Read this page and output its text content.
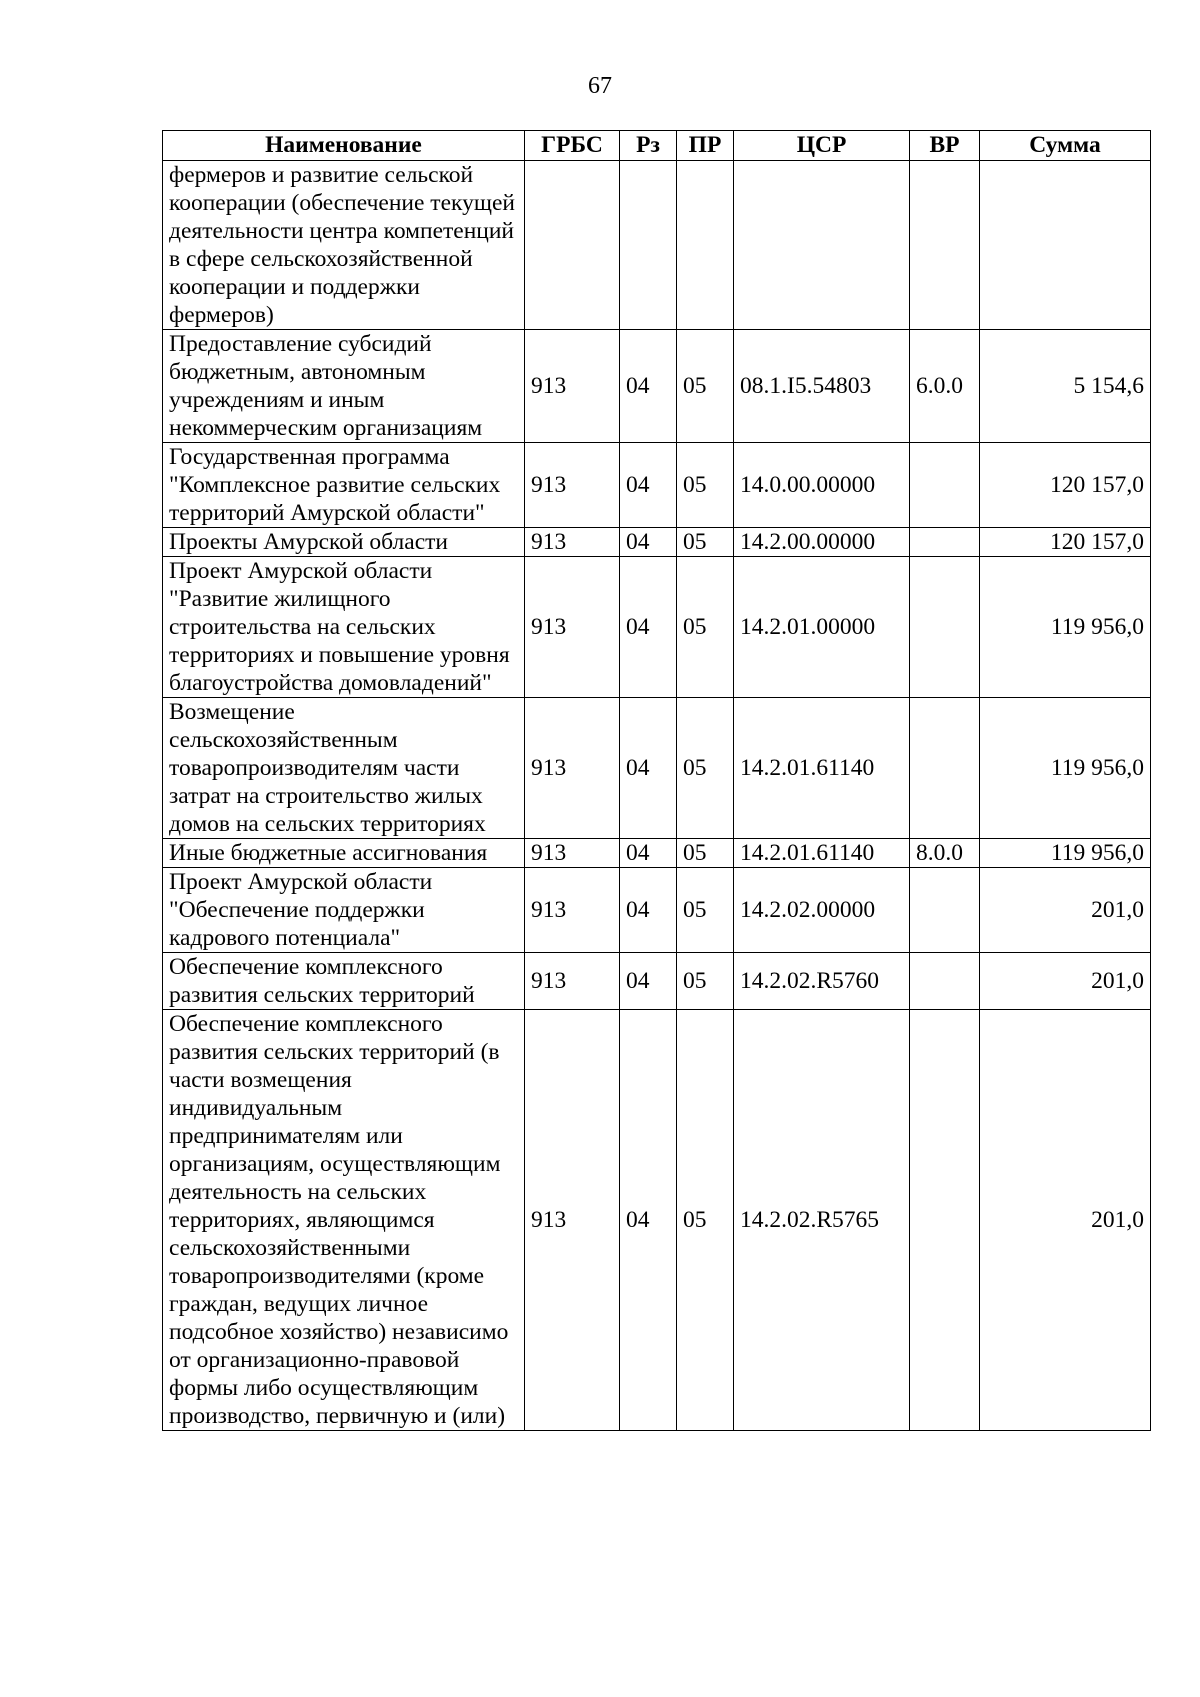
67
Наименование	ГРБС	Рз	ПР	ЦСР	ВР	Сумма
фермеров и развитие сельской кооперации (обеспечение текущей деятельности центра компетенций в сфере сельскохозяйственной кооперации и поддержки фермеров)						
Предоставление субсидий бюджетным, автономным учреждениям и иным некоммерческим организациям	913	04	05	08.1.I5.54803	6.0.0	5 154,6
Государственная программа "Комплексное развитие сельских территорий Амурской области"	913	04	05	14.0.00.00000		120 157,0
Проекты Амурской области	913	04	05	14.2.00.00000		120 157,0
Проект Амурской области "Развитие жилищного строительства на сельских территориях и повышение уровня благоустройства домовладений"	913	04	05	14.2.01.00000		119 956,0
Возмещение сельскохозяйственным товаропроизводителям части затрат на строительство жилых домов на сельских территориях	913	04	05	14.2.01.61140		119 956,0
Иные бюджетные ассигнования	913	04	05	14.2.01.61140	8.0.0	119 956,0
Проект Амурской области "Обеспечение поддержки кадрового потенциала"	913	04	05	14.2.02.00000		201,0
Обеспечение комплексного развития сельских территорий	913	04	05	14.2.02.R5760		201,0
Обеспечение комплексного развития сельских территорий (в части возмещения индивидуальным предпринимателям или организациям, осуществляющим деятельность на сельских территориях, являющимся сельскохозяйственными товаропроизводителями (кроме граждан, ведущих личное подсобное хозяйство) независимо от организационно-правовой формы либо осуществляющим производство, первичную и (или)	913	04	05	14.2.02.R5765		201,0
